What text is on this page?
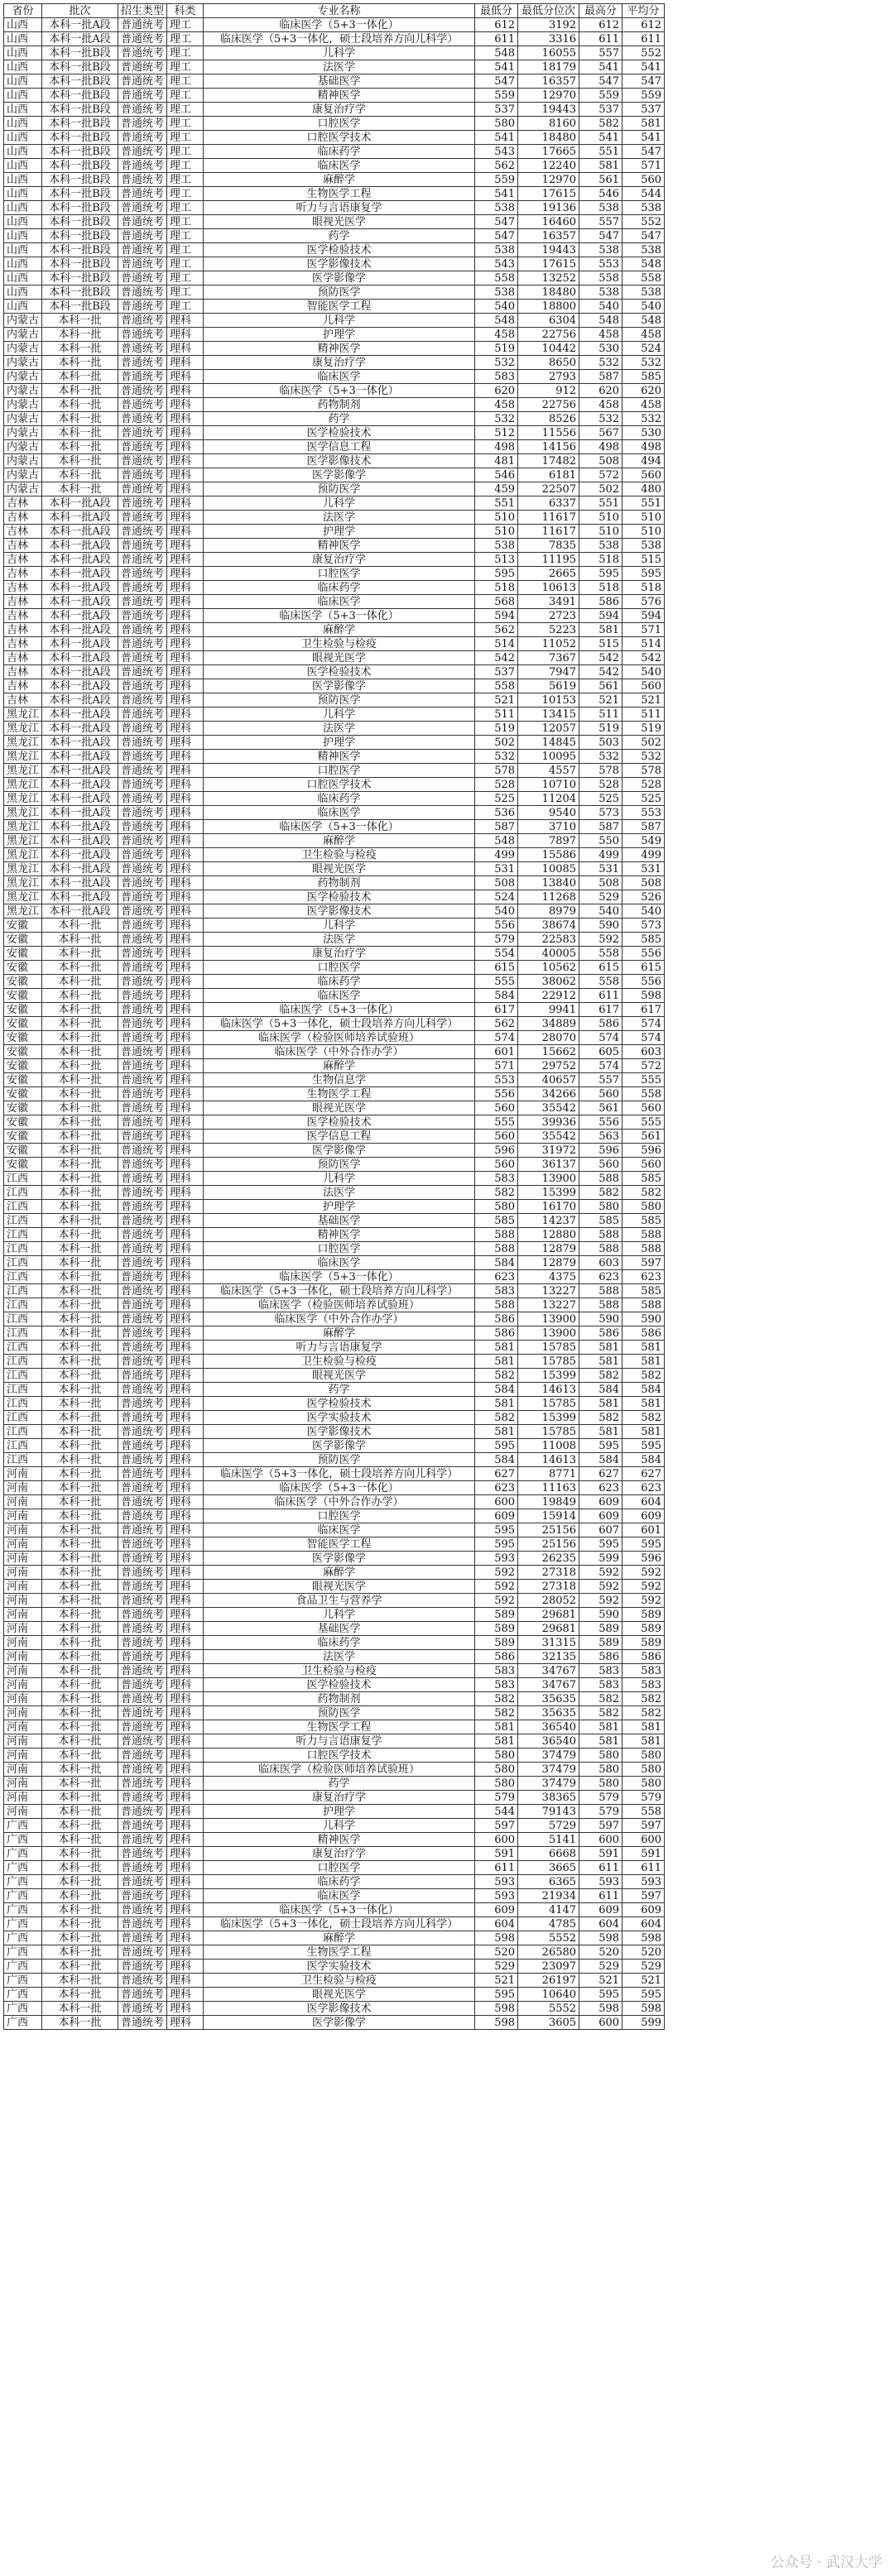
省份	批次	招生类型	科类	专业名称	最低分	最低分位次	最高分	平均分
山西	本科一批A段	普通统考	理工	临床医学（5+3一体化）	612	3192	612	612
山西	本科一批A段	普通统考	理工	临床医学（5+3一体化，硕士段培养方向儿科学）	611	3316	611	611
山西	本科一批B段	普通统考	理工	儿科学	548	16055	557	552
山西	本科一批B段	普通统考	理工	法医学	541	18179	541	541
山西	本科一批B段	普通统考	理工	基础医学	547	16357	547	547
山西	本科一批B段	普通统考	理工	精神医学	559	12970	559	559
山西	本科一批B段	普通统考	理工	康复治疗学	537	19443	537	537
山西	本科一批B段	普通统考	理工	口腔医学	580	8160	582	581
山西	本科一批B段	普通统考	理工	口腔医学技术	541	18480	541	541
山西	本科一批B段	普通统考	理工	临床药学	543	17665	551	547
山西	本科一批B段	普通统考	理工	临床医学	562	12240	581	571
山西	本科一批B段	普通统考	理工	麻醉学	559	12970	561	560
山西	本科一批B段	普通统考	理工	生物医学工程	541	17615	546	544
山西	本科一批B段	普通统考	理工	听力与言语康复学	538	19136	538	538
山西	本科一批B段	普通统考	理工	眼视光医学	547	16460	557	552
山西	本科一批B段	普通统考	理工	药学	547	16357	547	547
山西	本科一批B段	普通统考	理工	医学检验技术	538	19443	538	538
山西	本科一批B段	普通统考	理工	医学影像技术	543	17615	553	548
山西	本科一批B段	普通统考	理工	医学影像学	558	13252	558	558
山西	本科一批B段	普通统考	理工	预防医学	538	18480	538	538
山西	本科一批B段	普通统考	理工	智能医学工程	540	18800	540	540
内蒙古	本科一批	普通统考	理科	儿科学	548	6304	548	548
内蒙古	本科一批	普通统考	理科	护理学	458	22756	458	458
内蒙古	本科一批	普通统考	理科	精神医学	519	10442	530	524
内蒙古	本科一批	普通统考	理科	康复治疗学	532	8650	532	532
内蒙古	本科一批	普通统考	理科	临床医学	583	2793	587	585
内蒙古	本科一批	普通统考	理科	临床医学（5+3一体化）	620	912	620	620
内蒙古	本科一批	普通统考	理科	药物制剂	458	22756	458	458
内蒙古	本科一批	普通统考	理科	药学	532	8526	532	532
内蒙古	本科一批	普通统考	理科	医学检验技术	512	11556	567	530
内蒙古	本科一批	普通统考	理科	医学信息工程	498	14156	498	498
内蒙古	本科一批	普通统考	理科	医学影像技术	481	17482	508	494
内蒙古	本科一批	普通统考	理科	医学影像学	546	6181	572	560
内蒙古	本科一批	普通统考	理科	预防医学	459	22507	502	480
吉林	本科一批A段	普通统考	理科	儿科学	551	6337	551	551
吉林	本科一批A段	普通统考	理科	法医学	510	11617	510	510
吉林	本科一批A段	普通统考	理科	护理学	510	11617	510	510
吉林	本科一批A段	普通统考	理科	精神医学	538	7835	538	538
吉林	本科一批A段	普通统考	理科	康复治疗学	513	11195	518	515
吉林	本科一批A段	普通统考	理科	口腔医学	595	2665	595	595
吉林	本科一批A段	普通统考	理科	临床药学	518	10613	518	518
吉林	本科一批A段	普通统考	理科	临床医学	568	3491	586	576
吉林	本科一批A段	普通统考	理科	临床医学（5+3一体化）	594	2723	594	594
吉林	本科一批A段	普通统考	理科	麻醉学	562	5223	581	571
吉林	本科一批A段	普通统考	理科	卫生检验与检疫	514	11052	515	514
吉林	本科一批A段	普通统考	理科	眼视光医学	542	7367	542	542
吉林	本科一批A段	普通统考	理科	医学检验技术	537	7947	542	540
吉林	本科一批A段	普通统考	理科	医学影像学	558	5619	561	560
吉林	本科一批A段	普通统考	理科	预防医学	521	10153	521	521
黑龙江	本科一批A段	普通统考	理科	儿科学	511	13415	511	511
黑龙江	本科一批A段	普通统考	理科	法医学	519	12057	519	519
黑龙江	本科一批A段	普通统考	理科	护理学	502	14845	503	502
黑龙江	本科一批A段	普通统考	理科	精神医学	532	10095	532	532
黑龙江	本科一批A段	普通统考	理科	口腔医学	578	4557	578	578
黑龙江	本科一批A段	普通统考	理科	口腔医学技术	528	10710	528	528
黑龙江	本科一批A段	普通统考	理科	临床药学	525	11204	525	525
黑龙江	本科一批A段	普通统考	理科	临床医学	536	9540	573	553
黑龙江	本科一批A段	普通统考	理科	临床医学（5+3一体化）	587	3710	587	587
黑龙江	本科一批A段	普通统考	理科	麻醉学	548	7897	550	549
黑龙江	本科一批A段	普通统考	理科	卫生检验与检疫	499	15586	499	499
黑龙江	本科一批A段	普通统考	理科	眼视光医学	531	10085	531	531
黑龙江	本科一批A段	普通统考	理科	药物制剂	508	13840	508	508
黑龙江	本科一批A段	普通统考	理科	医学检验技术	524	11268	529	526
黑龙江	本科一批A段	普通统考	理科	医学影像技术	540	8979	540	540
安徽	本科一批	普通统考	理科	儿科学	556	38674	590	573
安徽	本科一批	普通统考	理科	法医学	579	22583	592	585
安徽	本科一批	普通统考	理科	康复治疗学	554	40005	558	556
安徽	本科一批	普通统考	理科	口腔医学	615	10562	615	615
安徽	本科一批	普通统考	理科	临床药学	555	38062	558	556
安徽	本科一批	普通统考	理科	临床医学	584	22912	611	598
安徽	本科一批	普通统考	理科	临床医学（5+3一体化）	617	9941	617	617
安徽	本科一批	普通统考	理科	临床医学（5+3一体化，硕士段培养方向儿科学）	562	34889	586	574
安徽	本科一批	普通统考	理科	临床医学（检验医师培养试验班）	574	28070	574	574
安徽	本科一批	普通统考	理科	临床医学（中外合作办学）	601	15662	605	603
安徽	本科一批	普通统考	理科	麻醉学	571	29752	574	572
安徽	本科一批	普通统考	理科	生物信息学	553	40657	557	555
安徽	本科一批	普通统考	理科	生物医学工程	556	34266	560	558
安徽	本科一批	普通统考	理科	眼视光医学	560	35542	561	560
安徽	本科一批	普通统考	理科	医学检验技术	555	39936	556	555
安徽	本科一批	普通统考	理科	医学信息工程	560	35542	563	561
安徽	本科一批	普通统考	理科	医学影像学	596	31972	596	596
安徽	本科一批	普通统考	理科	预防医学	560	36137	560	560
江西	本科一批	普通统考	理科	儿科学	583	13900	588	585
江西	本科一批	普通统考	理科	法医学	582	15399	582	582
江西	本科一批	普通统考	理科	护理学	580	16170	580	580
江西	本科一批	普通统考	理科	基础医学	585	14237	585	585
江西	本科一批	普通统考	理科	精神医学	588	12880	588	588
江西	本科一批	普通统考	理科	口腔医学	588	12879	588	588
江西	本科一批	普通统考	理科	临床医学	584	12879	603	597
江西	本科一批	普通统考	理科	临床医学（5+3一体化）	623	4375	623	623
江西	本科一批	普通统考	理科	临床医学（5+3一体化，硕士段培养方向儿科学）	583	13227	588	585
江西	本科一批	普通统考	理科	临床医学（检验医师培养试验班）	588	13227	588	588
江西	本科一批	普通统考	理科	临床医学（中外合作办学）	586	13900	590	590
江西	本科一批	普通统考	理科	麻醉学	586	13900	586	586
江西	本科一批	普通统考	理科	听力与言语康复学	581	15785	581	581
江西	本科一批	普通统考	理科	卫生检验与检疫	581	15785	581	581
江西	本科一批	普通统考	理科	眼视光医学	582	15399	582	582
江西	本科一批	普通统考	理科	药学	584	14613	584	584
江西	本科一批	普通统考	理科	医学检验技术	581	15785	581	581
江西	本科一批	普通统考	理科	医学实验技术	582	15399	582	582
江西	本科一批	普通统考	理科	医学影像技术	581	15785	581	581
江西	本科一批	普通统考	理科	医学影像学	595	11008	595	595
江西	本科一批	普通统考	理科	预防医学	584	14613	584	584
河南	本科一批	普通统考	理科	临床医学（5+3一体化，硕士段培养方向儿科学）	627	8771	627	627
河南	本科一批	普通统考	理科	临床医学（5+3一体化）	623	11163	623	623
河南	本科一批	普通统考	理科	临床医学（中外合作办学）	600	19849	609	604
河南	本科一批	普通统考	理科	口腔医学	609	15914	609	609
河南	本科一批	普通统考	理科	临床医学	595	25156	607	601
河南	本科一批	普通统考	理科	智能医学工程	595	25156	595	595
河南	本科一批	普通统考	理科	医学影像学	593	26235	599	596
河南	本科一批	普通统考	理科	麻醉学	592	27318	592	592
河南	本科一批	普通统考	理科	眼视光医学	592	27318	592	592
河南	本科一批	普通统考	理科	食品卫生与营养学	592	28052	592	592
河南	本科一批	普通统考	理科	儿科学	589	29681	590	589
河南	本科一批	普通统考	理科	基础医学	589	29681	589	589
河南	本科一批	普通统考	理科	临床药学	589	31315	589	589
河南	本科一批	普通统考	理科	法医学	586	32135	586	586
河南	本科一批	普通统考	理科	卫生检验与检疫	583	34767	583	583
河南	本科一批	普通统考	理科	医学检验技术	583	34767	583	583
河南	本科一批	普通统考	理科	药物制剂	582	35635	582	582
河南	本科一批	普通统考	理科	预防医学	582	35635	582	582
河南	本科一批	普通统考	理科	生物医学工程	581	36540	581	581
河南	本科一批	普通统考	理科	听力与言语康复学	581	36540	581	581
河南	本科一批	普通统考	理科	口腔医学技术	580	37479	580	580
河南	本科一批	普通统考	理科	临床医学（检验医师培养试验班）	580	37479	580	580
河南	本科一批	普通统考	理科	药学	580	37479	580	580
河南	本科一批	普通统考	理科	康复治疗学	579	38365	579	579
河南	本科一批	普通统考	理科	护理学	544	79143	579	558
广西	本科一批	普通统考	理科	儿科学	597	5729	597	597
广西	本科一批	普通统考	理科	精神医学	600	5141	600	600
广西	本科一批	普通统考	理科	康复治疗学	591	6668	591	591
广西	本科一批	普通统考	理科	口腔医学	611	3665	611	611
广西	本科一批	普通统考	理科	临床药学	593	6365	593	593
广西	本科一批	普通统考	理科	临床医学	593	21934	611	597
广西	本科一批	普通统考	理科	临床医学（5+3一体化）	609	4147	609	609
广西	本科一批	普通统考	理科	临床医学（5+3一体化，硕士段培养方向儿科学）	604	4785	604	604
广西	本科一批	普通统考	理科	麻醉学	598	5552	598	598
广西	本科一批	普通统考	理科	生物医学工程	520	26580	520	520
广西	本科一批	普通统考	理科	医学实验技术	529	23097	529	529
广西	本科一批	普通统考	理科	卫生检验与检疫	521	26197	521	521
广西	本科一批	普通统考	理科	眼视光医学	595	10640	595	595
广西	本科一批	普通统考	理科	医学影像技术	598	5552	598	598
广西	本科一批	普通统考	理科	医学影像学	598	3605	600	599
公众号 · 武汉大学
